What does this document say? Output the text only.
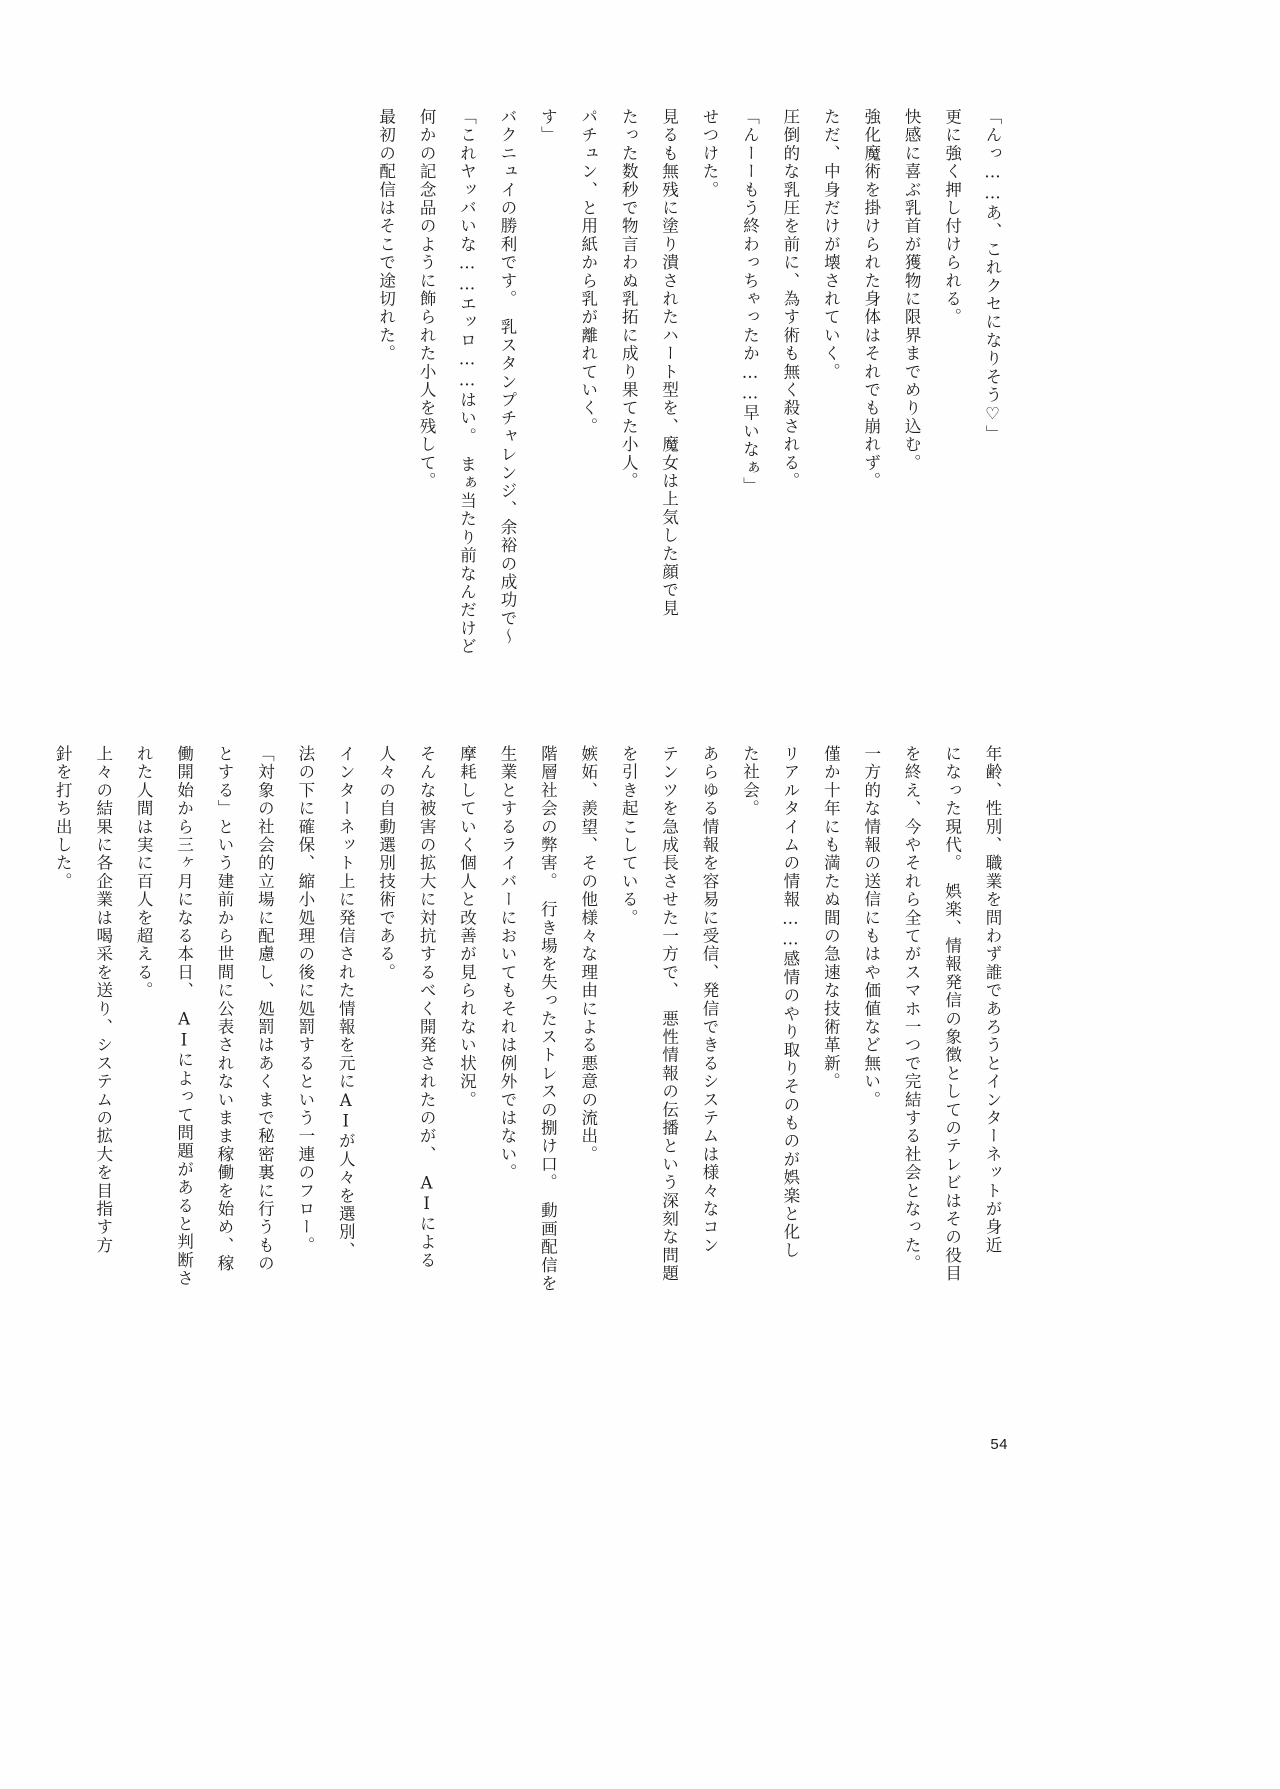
「んっ……あ、これクセになりそう♡」
更に強く押し付けられる。
快感に喜ぶ乳首が獲物に限界までめり込む。
強化魔術を掛けられた身体はそれでも崩れず。
ただ、中身だけが壊されていく。
圧倒的な乳圧を前に、為す術も無く殺される。
「んーーもう終わっちゃったか……早いなぁ」
せつけた。
見るも無残に塗り潰されたハート型を、魔女は上気した顔で見
たった数秒で物言わぬ乳拓に成り果てた小人。
パチュン、と用紙から乳が離れていく。
す」
バクニュイの勝利です。　乳スタンプチャレンジ、余裕の成功で〜
「これヤッバいな……エッロ……はい。　まぁ当たり前なんだけど
何かの記念品のように飾られた小人を残して。
最初の配信はそこで途切れた。
年齢、性別、職業を問わず誰であろうとインターネットが身近
になった現代。　娯楽、情報発信の象徴としてのテレビはその役目
を終え、今やそれら全てがスマホ一つで完結する社会となった。
一方的な情報の送信にもはや価値など無い。
僅か十年にも満たぬ間の急速な技術革新。
リアルタイムの情報……感情のやり取りそのものが娯楽と化し
た社会。
あらゆる情報を容易に受信、発信できるシステムは様々なコン
テンツを急成長させた一方で、　悪性情報の伝播という深刻な問題
を引き起こしている。
嫉妬、羨望、その他様々な理由による悪意の流出。
階層社会の弊害。　行き場を失ったストレスの捌け口。　動画配信を
生業とするライバーにおいてもそれは例外ではない。
摩耗していく個人と改善が見られない状況。
そんな被害の拡大に対抗するべく開発されたのが、　AIによる
人々の自動選別技術である。
インターネット上に発信された情報を元にAIが人々を選別、
法の下に確保、縮小処理の後に処罰するという一連のフロー。
「対象の社会的立場に配慮し、処罰はあくまで秘密裏に行うもの
とする」という建前から世間に公表されないまま稼働を始め、稼
働開始から三ヶ月になる本日、　AIによって問題があると判断さ
れた人間は実に百人を超える。
上々の結果に各企業は喝采を送り、システムの拡大を目指す方
針を打ち出した。
54
